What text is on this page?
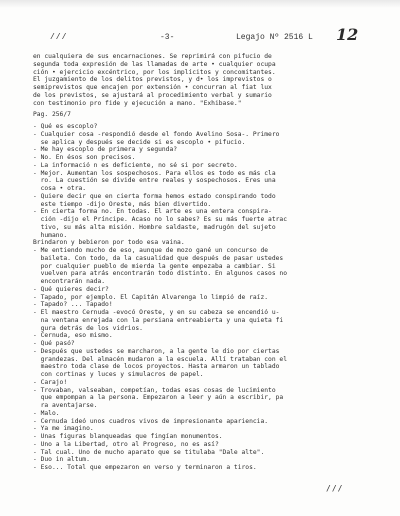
///	-3-	Legajo Nº 2516 L 12

en cualquiera de sus encarnaciones. Se reprimirá con pifucio de

segunda toda expresión de las llamadas de arte • cualquier ocupa

ción • ejercicio excéntrico, por los implícitos y concomitantes.

El juzgamiento de los delitos previstos, y d• los imprevistos o

semiprevistos que encajen por extensión • concurran al fiat lux

de los previstos, se ajustará al procedimiento verbal y sumario

con testimonio pro fide y ejecución a mano. "Exhibase."

Pag. 256/7

- Qué es escoplo?

- Cualquier cosa -respondió desde el fondo Avelino Sosa-. Primero

se aplica y después se decide si es escoplo • pifucio.

- Me hay escoplo de primera y segunda?

- No. En ésos son precisos.

- La informació n es deficiente, no sé si por secreto.

- Mejor. Aumentan los sospechosos. Para ellos es todo es más cla

ro. La cuestión se divide entre reales y sospechosos. Eres una

cosa • otra.

- Quiere decir que en cierta forma hemos estado conspirando todo

este tiempo -dijo Oreste, más bien divertido.

- En cierta forma no. En todas. El arte es una entera conspira-

ción -dijo el Príncipe. Acaso no lo sabes? Es su más fuerte atrac

tivo, su más alta misión. Hombre saldaste, madrugón del sujeto

humano.

Brindaron y bebieron por todo esa vaina.

- Me entiendo mucho de eso, aunque de mozo gané un concurso de

baileta. Con todo, da la casualidad que después de pasar ustedes

por cualquier pueblo de mierda la gente empezaba a cambiar. Si

vuelven para atrás encontrarán todo distinto. En algunos casos no

encontrarán nada.

- Qué quieres decir?

- Tapado, por ejemplo. El Capitán Alvarenga lo limpió de raíz.

- Tapado? ... Tapado!

- El maestro Cernuda -evocó Oreste, y en su cabeza se encendió u-

na ventana enrejada con la persiana entreabierta y una quieta fi

gura detrás de los vidrios.

- Cernuda, eso mismo.

- Qué pasó?

- Después que ustedes se marcharon, a la gente le dio por ciertas

grandezas. Del almacén mudaron a la escuela. Allí trataban con el

maestro toda clase de locos proyectos. Hasta armaron un tablado

con cortinas y luces y simulacros de papel.

- Carajo!

- Trovaban, valseaban, competían, todas esas cosas de lucimiento

que empompan a la persona. Empezaron a leer y aún a escribir, pa

ra aventajarse.

- Malo.

- Cernuda ideó unos cuadros vivos de impresionante apariencia.

- Ya me imagino.

- Unas figuras blanqueadas que fingían monumentos.

- Uno a la Libertad, otro al Progreso, no es así?

- Tal cual. Uno de mucho aparato que se titulaba "Dale alte".

- Duo in altum.

- Eso... Total que empezaron en verso y terminaron a tiros.

///
